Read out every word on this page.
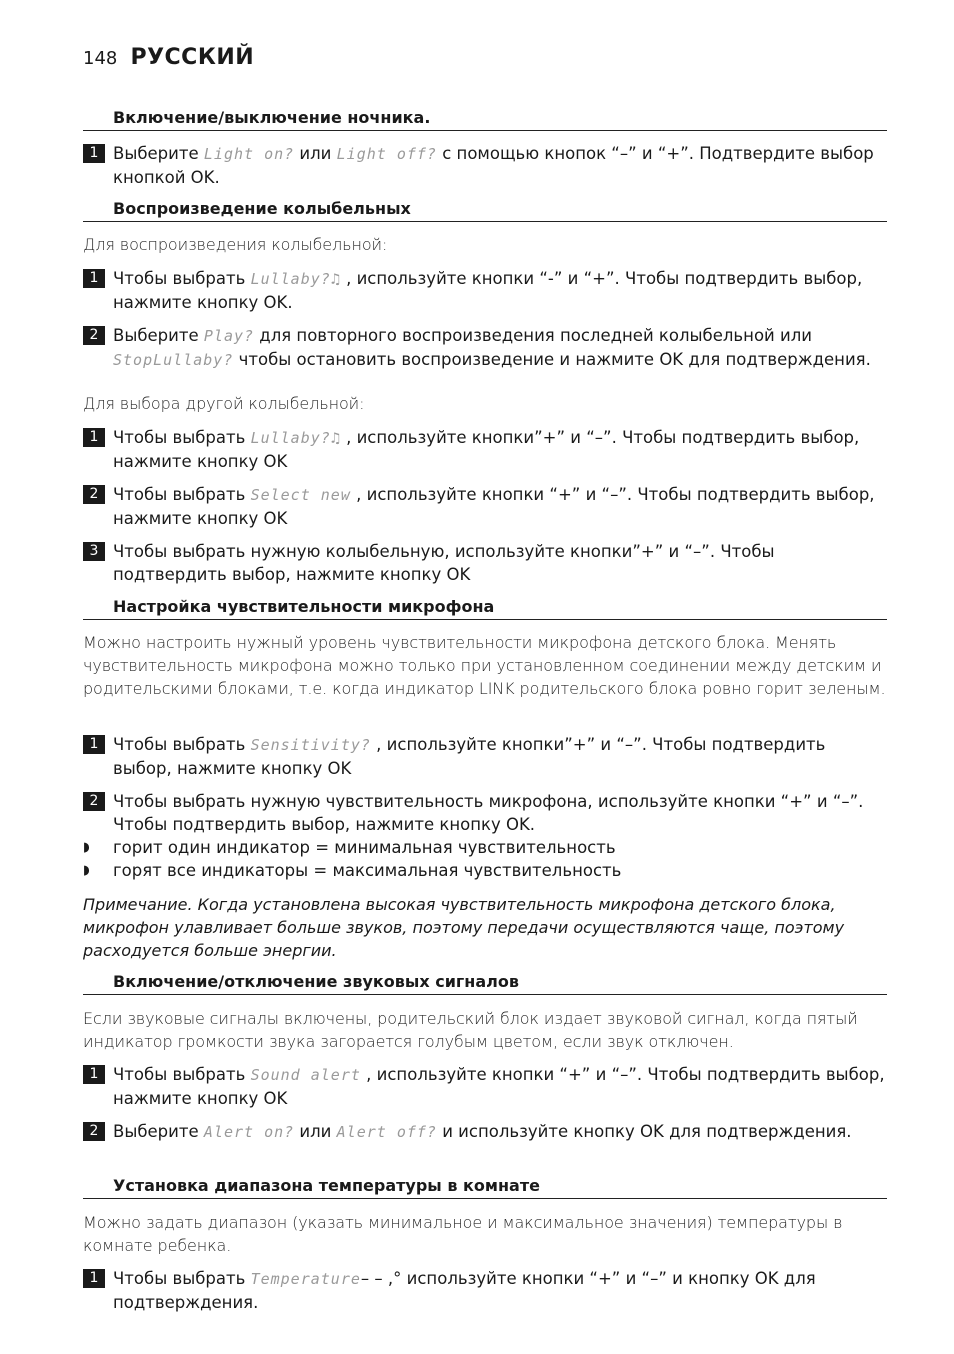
148 РУССКИЙ
Включение/выключение ночника.
1 Выберите Light on? или Light off? с помощью кнопок “–” и “+”. Подтвердите выбор кнопкой OK.
Воспроизведение колыбельных
Для воспроизведения колыбельной:
1 Чтобы выбрать Lullaby?♫ , используйте кнопки “-” и “+”. Чтобы подтвердить выбор, нажмите кнопку OK.
2 Выберите Play? для повторного воспроизведения последней колыбельной или StopLullaby? чтобы остановить воспроизведение и нажмите OK для подтверждения.
Для выбора другой колыбельной:
1 Чтобы выбрать Lullaby?♫ , используйте кнопки”+” и “–”. Чтобы подтвердить выбор, нажмите кнопку OK
2 Чтобы выбрать Select new , используйте кнопки “+” и “–”. Чтобы подтвердить выбор, нажмите кнопку OK
3 Чтобы выбрать нужную колыбельную, используйте кнопки”+” и “–”. Чтобы подтвердить выбор, нажмите кнопку OK
Настройка чувствительности микрофона
Можно настроить нужный уровень чувствительности микрофона детского блока. Менять чувствительность микрофона можно только при установленном соединении между детским и родительскими блоками, т.е. когда индикатор LINK родительского блока ровно горит зеленым.
1 Чтобы выбрать Sensitivity? , используйте кнопки”+” и “–”. Чтобы подтвердить выбор, нажмите кнопку OK
2 Чтобы выбрать нужную чувствительность микрофона, используйте кнопки “+” и “–”. Чтобы подтвердить выбор, нажмите кнопку OK.
◗	горит один индикатор = минимальная чувствительность
◗	горят все индикаторы = максимальная чувствительность
Примечание. Когда установлена высокая чувствительность микрофона детского блока, микрофон улавливает больше звуков, поэтому передачи осуществляются чаще, поэтому расходуется больше энергии.
Включение/отключение звуковых сигналов
Если звуковые сигналы включены, родительский блок издает звуковой сигнал, когда пятый индикатор громкости звука загорается голубым цветом, если звук отключен.
1 Чтобы выбрать Sound alert , используйте кнопки “+” и “–”. Чтобы подтвердить выбор, нажмите кнопку OK
2 Выберите Alert on? или Alert off? и используйте кнопку OK для подтверждения.
Установка диапазона температуры в комнате
Можно задать диапазон (указать минимальное и максимальное значения) температуры в комнате ребенка.
1 Чтобы выбрать Temperature– – ,° используйте кнопки “+” и “–” и кнопку OK для подтверждения.
